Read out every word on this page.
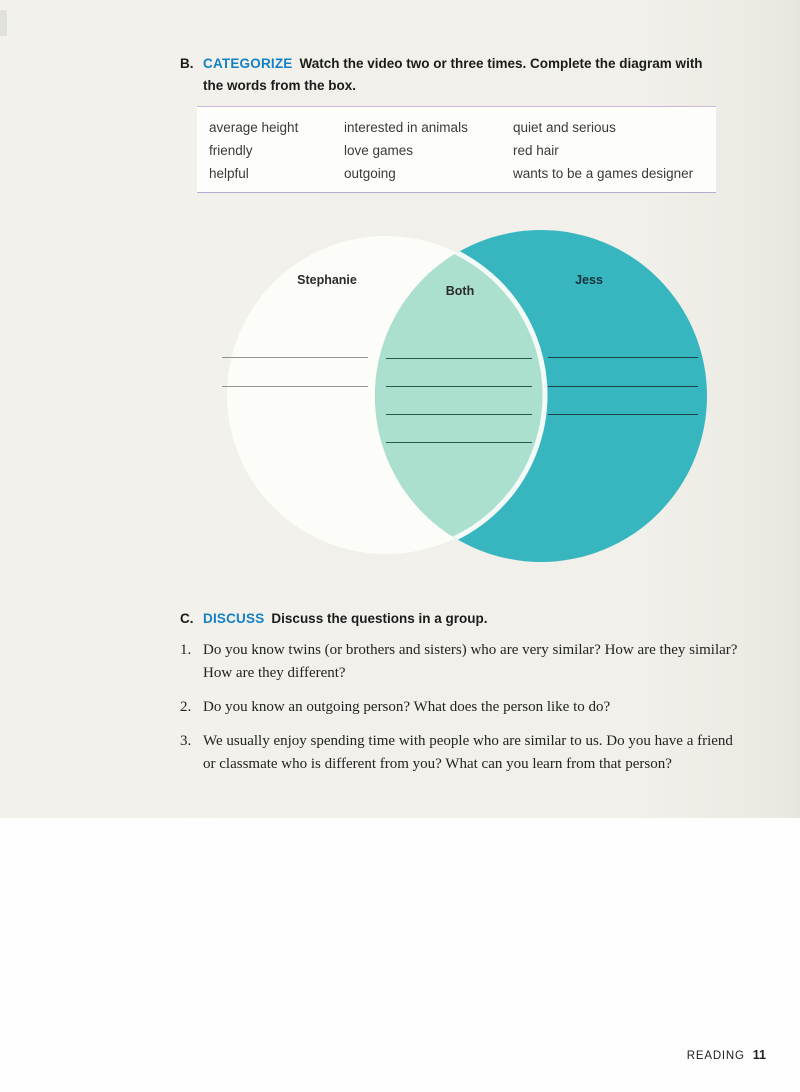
B. CATEGORIZE Watch the video two or three times. Complete the diagram with the words from the box.
average height
friendly
helpful
interested in animals
love games
outgoing
quiet and serious
red hair
wants to be a games designer
Stephanie
Both
Jess
C. DISCUSS Discuss the questions in a group.
1. Do you know twins (or brothers and sisters) who are very similar? How are they similar? How are they different?
2. Do you know an outgoing person? What does the person like to do?
3. We usually enjoy spending time with people who are similar to us. Do you have a friend or classmate who is different from you? What can you learn from that person?
READING 11
